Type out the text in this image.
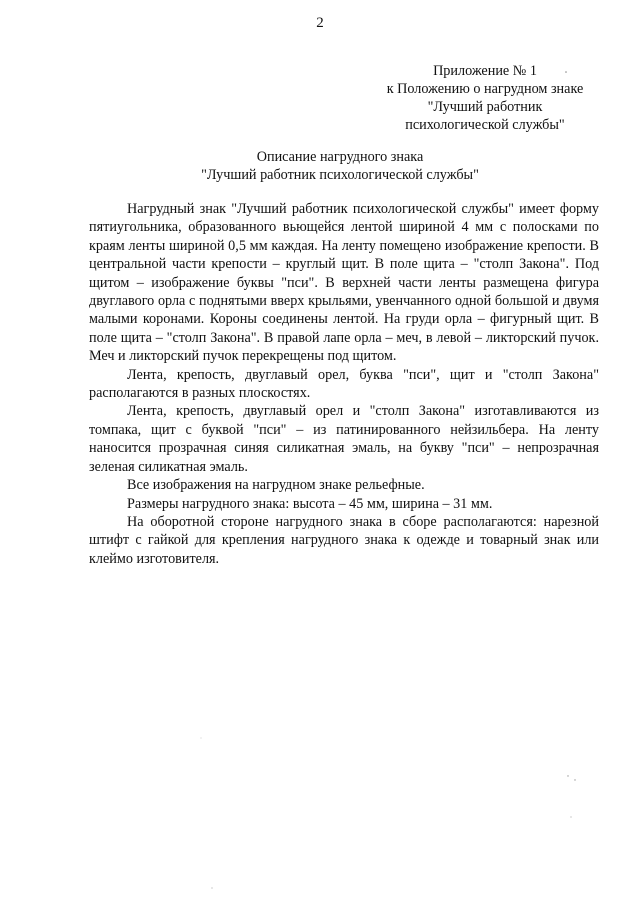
2
Приложение № 1
к Положению о нагрудном знаке
"Лучший работник
психологической службы"
Описание нагрудного знака
"Лучший работник психологической службы"

Нагрудный знак "Лучший работник психологической службы" имеет форму пятиугольника, образованного вьющейся лентой шириной 4 мм с полосками по краям ленты шириной 0,5 мм каждая. На ленту помещено изображение крепости. В центральной части крепости – круглый щит. В поле щита – "столп Закона". Под щитом – изображение буквы "пси". В верхней части ленты размещена фигура двуглавого орла с поднятыми вверх крыльями, увенчанного одной большой и двумя малыми коронами. Короны соединены лентой. На груди орла – фигурный щит. В поле щита – "столп Закона". В правой лапе орла – меч, в левой – ликторский пучок. Меч и ликторский пучок перекрещены под щитом.

Лента, крепость, двуглавый орел, буква "пси", щит и "столп Закона" располагаются в разных плоскостях.

Лента, крепость, двуглавый орел и "столп Закона" изготавливаются из томпака, щит с буквой "пси" – из патинированного нейзильбера. На ленту наносится прозрачная синяя силикатная эмаль, на букву "пси" – непрозрачная зеленая силикатная эмаль.

Все изображения на нагрудном знаке рельефные.

Размеры нагрудного знака: высота – 45 мм, ширина – 31 мм.

На оборотной стороне нагрудного знака в сборе располагаются: нарезной штифт с гайкой для крепления нагрудного знака к одежде и товарный знак или клеймо изготовителя.
